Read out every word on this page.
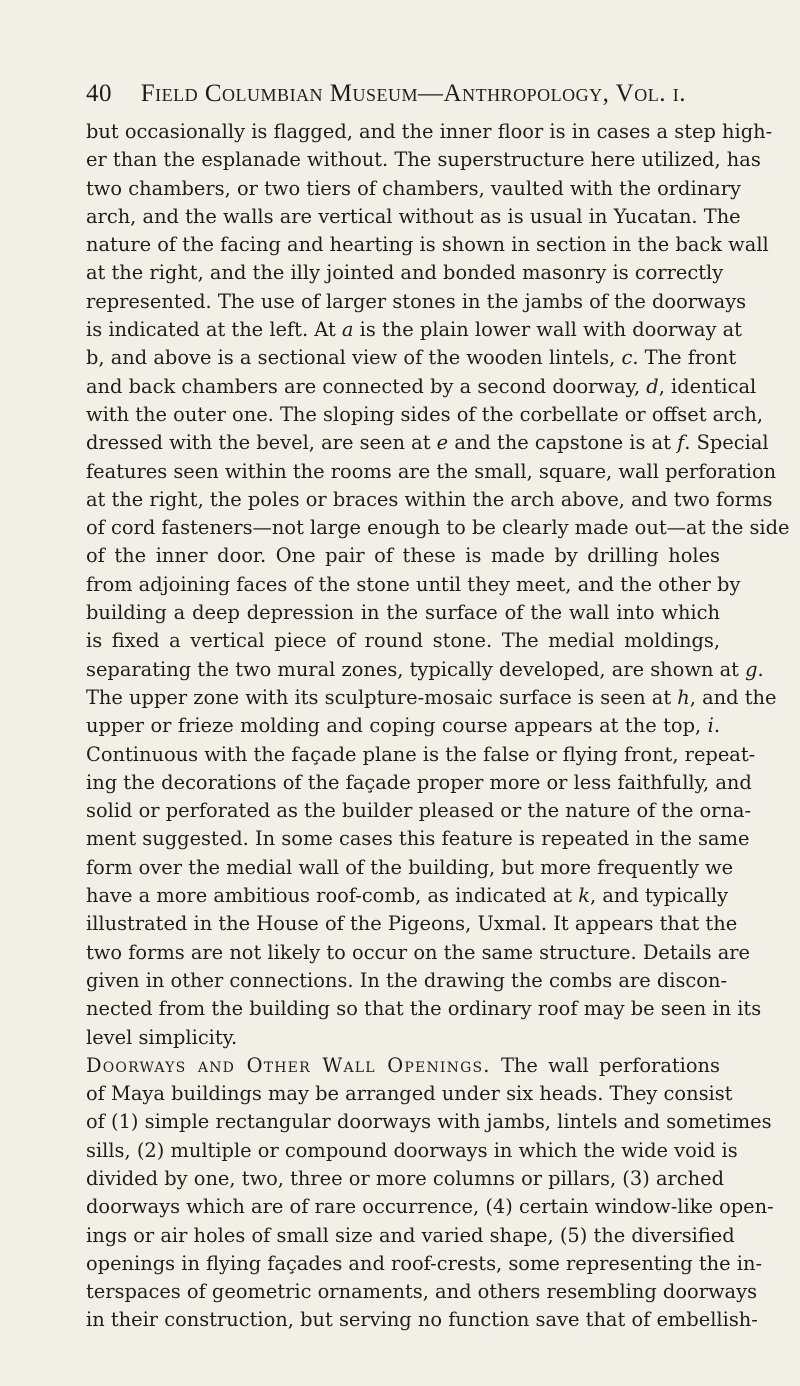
40 Field Columbian Museum—Anthropology, Vol. i.
but occasionally is flagged, and the inner floor is in cases a step high-
er than the esplanade without. The superstructure here utilized, has
two chambers, or two tiers of chambers, vaulted with the ordinary
arch, and the walls are vertical without as is usual in Yucatan. The
nature of the facing and hearting is shown in section in the back wall
at the right, and the illy jointed and bonded masonry is correctly
represented. The use of larger stones in the jambs of the doorways
is indicated at the left. At a is the plain lower wall with doorway at
b, and above is a sectional view of the wooden lintels, c. The front
and back chambers are connected by a second doorway, d, identical
with the outer one. The sloping sides of the corbellate or offset arch,
dressed with the bevel, are seen at e and the capstone is at f. Special
features seen within the rooms are the small, square, wall perforation
at the right, the poles or braces within the arch above, and two forms
of cord fasteners—not large enough to be clearly made out—at the side
of the inner door. One pair of these is made by drilling holes
from adjoining faces of the stone until they meet, and the other by
building a deep depression in the surface of the wall into which
is fixed a vertical piece of round stone. The medial moldings,
separating the two mural zones, typically developed, are shown at g.
The upper zone with its sculpture-mosaic surface is seen at h, and the
upper or frieze molding and coping course appears at the top, i.
Continuous with the façade plane is the false or flying front, repeat-
ing the decorations of the façade proper more or less faithfully, and
solid or perforated as the builder pleased or the nature of the orna-
ment suggested. In some cases this feature is repeated in the same
form over the medial wall of the building, but more frequently we
have a more ambitious roof-comb, as indicated at k, and typically
illustrated in the House of the Pigeons, Uxmal. It appears that the
two forms are not likely to occur on the same structure. Details are
given in other connections. In the drawing the combs are discon-
nected from the building so that the ordinary roof may be seen in its
level simplicity.
Doorways and Other Wall Openings. The wall perforations
of Maya buildings may be arranged under six heads. They consist
of (1) simple rectangular doorways with jambs, lintels and sometimes
sills, (2) multiple or compound doorways in which the wide void is
divided by one, two, three or more columns or pillars, (3) arched
doorways which are of rare occurrence, (4) certain window-like open-
ings or air holes of small size and varied shape, (5) the diversified
openings in flying façades and roof-crests, some representing the in-
terspaces of geometric ornaments, and others resembling doorways
in their construction, but serving no function save that of embellish-
